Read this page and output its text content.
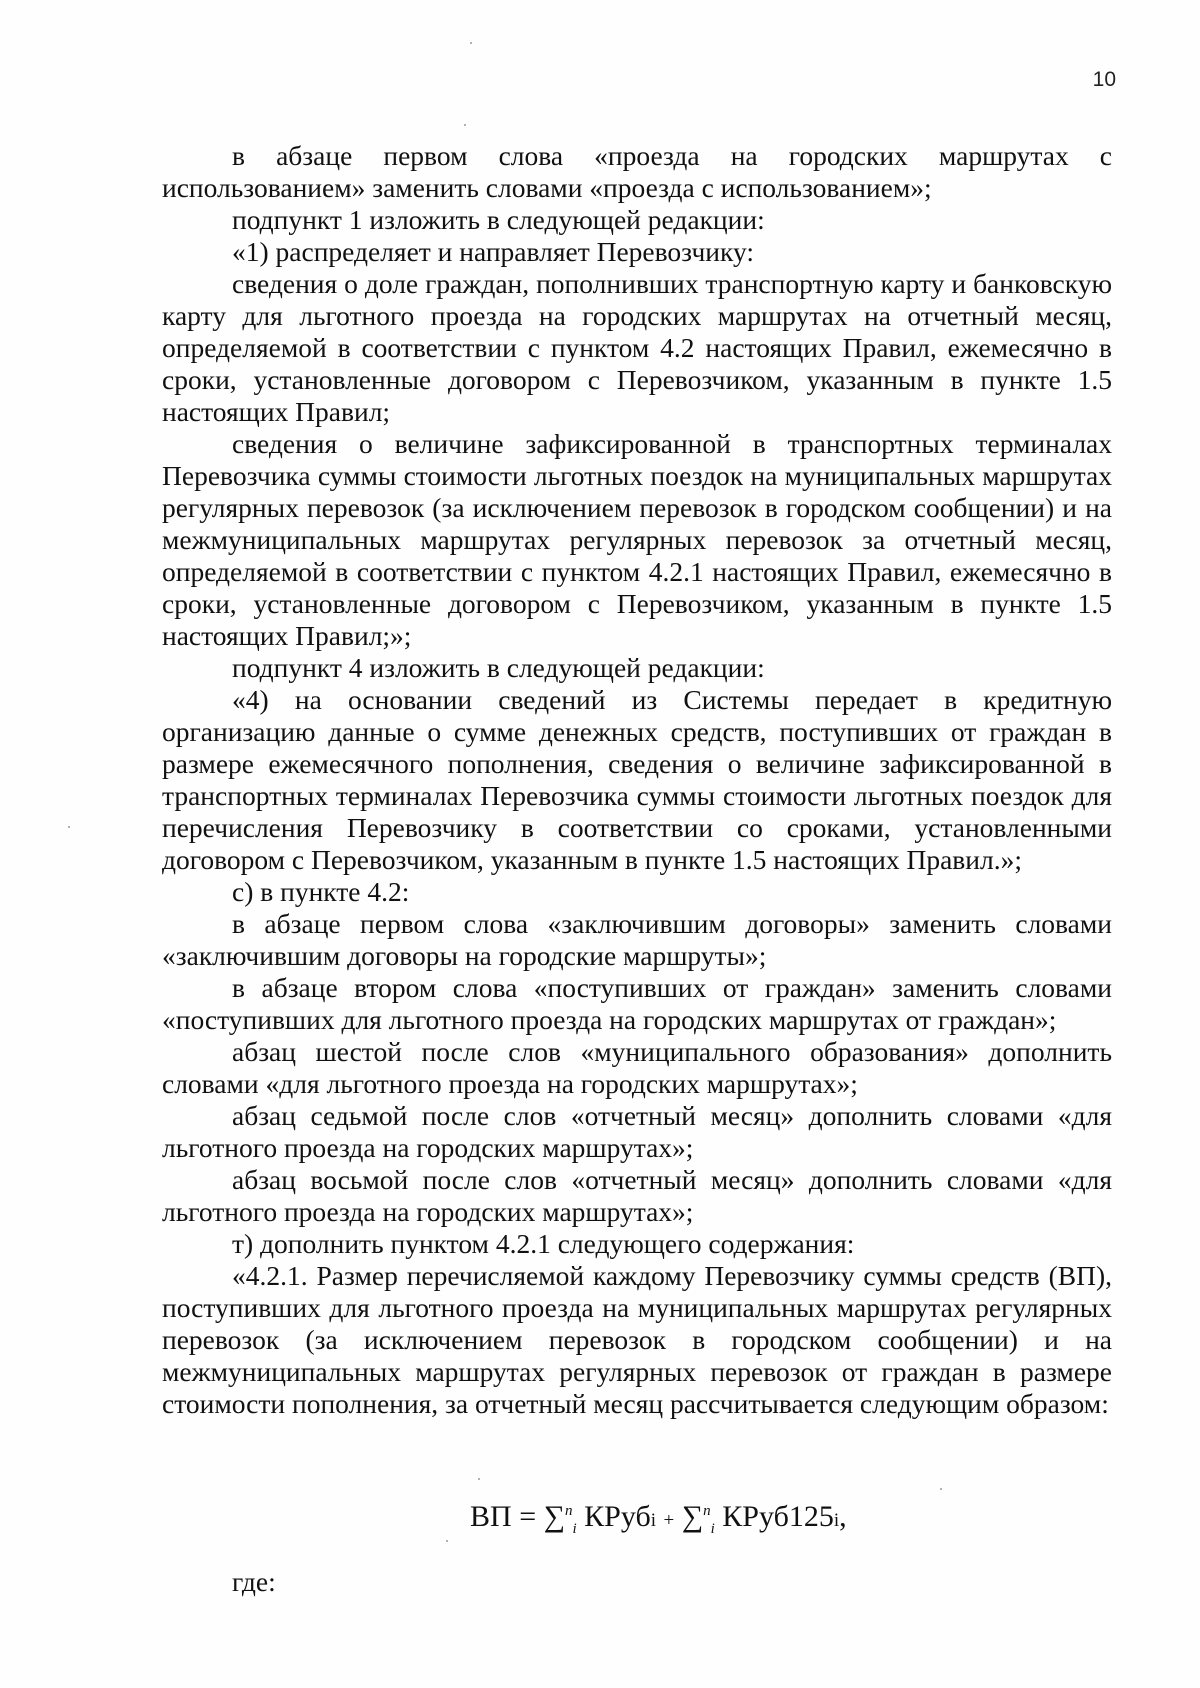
10

в абзаце первом слова «проезда на городских маршрутах с использованием» заменить словами «проезда с использованием»;

подпункт 1 изложить в следующей редакции:

«1) распределяет и направляет Перевозчику:

сведения о доле граждан, пополнивших транспортную карту и банковскую карту для льготного проезда на городских маршрутах на отчетный месяц, определяемой в соответствии с пунктом 4.2 настоящих Правил, ежемесячно в сроки, установленные договором с Перевозчиком, указанным в пункте 1.5 настоящих Правил;

сведения о величине зафиксированной в транспортных терминалах Перевозчика суммы стоимости льготных поездок на муниципальных маршрутах регулярных перевозок (за исключением перевозок в городском сообщении) и на межмуниципальных маршрутах регулярных перевозок за отчетный месяц, определяемой в соответствии с пунктом 4.2.1 настоящих Правил, ежемесячно в сроки, установленные договором с Перевозчиком, указанным в пункте 1.5 настоящих Правил;»;

подпункт 4 изложить в следующей редакции:

«4) на основании сведений из Системы передает в кредитную организацию данные о сумме денежных средств, поступивших от граждан в размере ежемесячного пополнения, сведения о величине зафиксированной в транспортных терминалах Перевозчика суммы стоимости льготных поездок для перечисления Перевозчику в соответствии со сроками, установленными договором с Перевозчиком, указанным в пункте 1.5 настоящих Правил.»;

с) в пункте 4.2:

в абзаце первом слова «заключившим договоры» заменить словами «заключившим договоры на городские маршруты»;

в абзаце втором слова «поступивших от граждан» заменить словами «поступивших для льготного проезда на городских маршрутах от граждан»;

абзац шестой после слов «муниципального образования» дополнить словами «для льготного проезда на городских маршрутах»;

абзац седьмой после слов «отчетный месяц» дополнить словами «для льготного проезда на городских маршрутах»;

абзац восьмой после слов «отчетный месяц» дополнить словами «для льготного проезда на городских маршрутах»;

т) дополнить пунктом 4.2.1 следующего содержания:

«4.2.1. Размер перечисляемой каждому Перевозчику суммы средств (ВП), поступивших для льготного проезда на муниципальных маршрутах регулярных перевозок (за исключением перевозок в городском сообщении) и на межмуниципальных маршрутах регулярных перевозок от граждан в размере стоимости пополнения, за отчетный месяц рассчитывается следующим образом:

ВП = ∑$^n_i$ КРубi + ∑$^n_i$ КРуб125i,
где:
